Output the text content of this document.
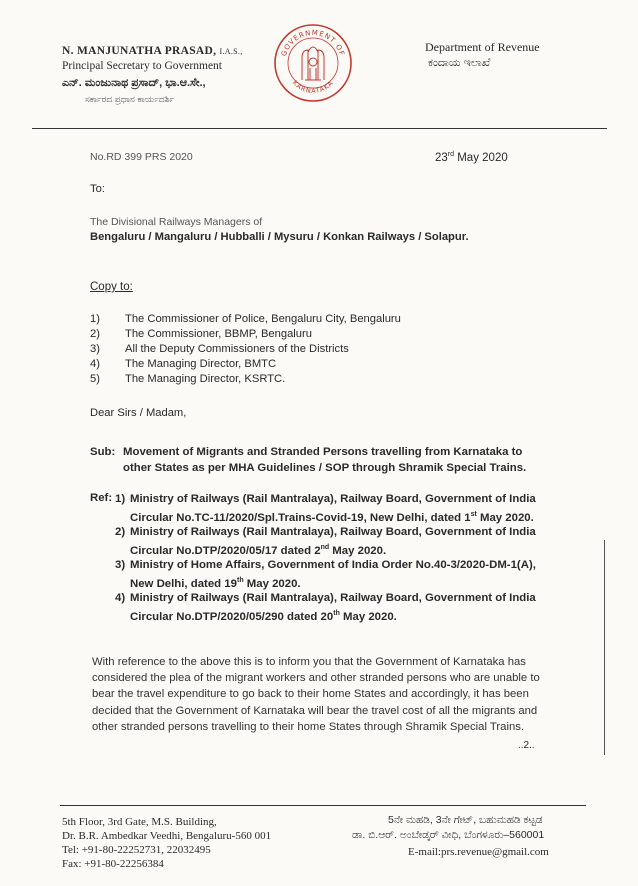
N. MANJUNATHA PRASAD, I.A.S.,
Principal Secretary to Government
ಎನ್. ಮಂಜುನಾಥ ಪ್ರಸಾದ್, ಭಾ.ಆ.ಸೇ.,
ಸರ್ಕಾರದ ಪ್ರಧಾನ ಕಾರ್ಯದರ್ಶಿ
GOVERNMENT OF
KARNATAKA
Department of Revenue
ಕಂದಾಯ ಇಲಾಖೆ
No.RD 399 PRS 2020	23rd May 2020
To:
The Divisional Railways Managers of
Bengaluru / Mangaluru / Hubballi / Mysuru / Konkan Railways / Solapur.
Copy to:
1) The Commissioner of Police, Bengaluru City, Bengaluru
2) The Commissioner, BBMP, Bengaluru
3) All the Deputy Commissioners of the Districts
4) The Managing Director, BMTC
5) The Managing Director, KSRTC.
Dear Sirs / Madam,
Sub: Movement of Migrants and Stranded Persons travelling from Karnataka to
other States as per MHA Guidelines / SOP through Shramik Special Trains.
Ref: 1) Ministry of Railways (Rail Mantralaya), Railway Board, Government of India
Circular No.TC-11/2020/Spl.Trains-Covid-19, New Delhi, dated 1st May 2020.
2) Ministry of Railways (Rail Mantralaya), Railway Board, Government of India
Circular No.DTP/2020/05/17 dated 2nd May 2020.
3) Ministry of Home Affairs, Government of India Order No.40-3/2020-DM-1(A),
New Delhi, dated 19th May 2020.
4) Ministry of Railways (Rail Mantralaya), Railway Board, Government of India
Circular No.DTP/2020/05/290 dated 20th May 2020.
With reference to the above this is to inform you that the Government of Karnataka has
considered the plea of the migrant workers and other stranded persons who are unable to
bear the travel expenditure to go back to their home States and accordingly, it has been
decided that the Government of Karnataka will bear the travel cost of all the migrants and
other stranded persons travelling to their home States through Shramik Special Trains.
..2..
5th Floor, 3rd Gate, M.S. Building,
Dr. B.R. Ambedkar Veedhi, Bengaluru-560 001
Tel: +91-80-22252731, 22032495
Fax: +91-80-22256384
5ನೇ ಮಹಡಿ, 3ನೇ ಗೇಟ್, ಬಹುಮಹಡಿ ಕಟ್ಟಡ
ಡಾ. ಬಿ.ಆರ್. ಅಂಬೇಡ್ಕರ್ ವೀಧಿ, ಬೆಂಗಳೂರು–560001
E-mail:prs.revenue@gmail.com
